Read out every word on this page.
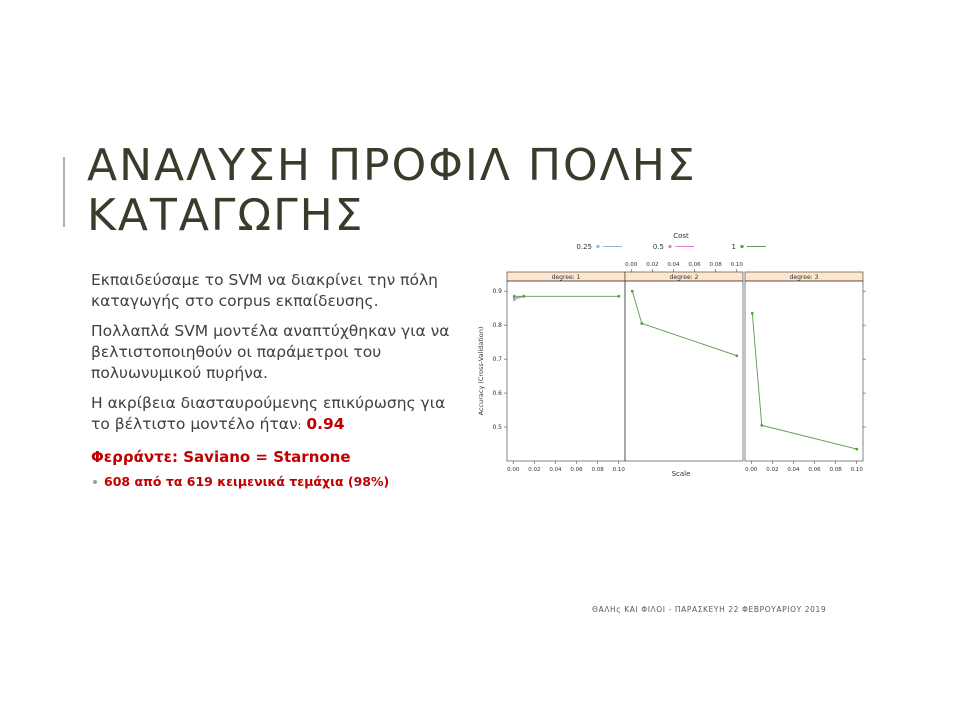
ΑΝΑΛΥΣΗ ΠΡΟΦΙΛ ΠΟΛΗΣ
ΚΑΤΑΓΩΓΗΣ
Εκπαιδεύσαμε το SVM να διακρίνει την πόλη καταγωγής στο corpus εκπαίδευσης.
Πολλαπλά SVM μοντέλα αναπτύχθηκαν για να βελτιστοποιηθούν οι παράμετροι του πολυωνυμικού πυρήνα.
Η ακρίβεια διασταυρούμενης επικύρωσης για το βέλτιστο μοντέλο ήταν: 0.94
Φερράντε: Saviano = Starnone
608 από τα 619 κειμενικά τεμάχια (98%)
Cost
0.25	0.5	1
0.00 0.02 0.04 0.06 0.08 0.10
degree: 1	degree: 2	degree: 3
0.00 0.02 0.04 0.06 0.08 0.10	0.00 0.02 0.04 0.06 0.08 0.10
0.5
0.6
0.7
0.8
0.9
Scale
Accuracy (Cross-Validation)
ΘΑΛΗς ΚΑΙ ΦΙΛΟΙ - ΠΑΡΑΣΚΕΥΗ 22 ΦΕΒΡΟΥΑΡΙΟΥ 2019
